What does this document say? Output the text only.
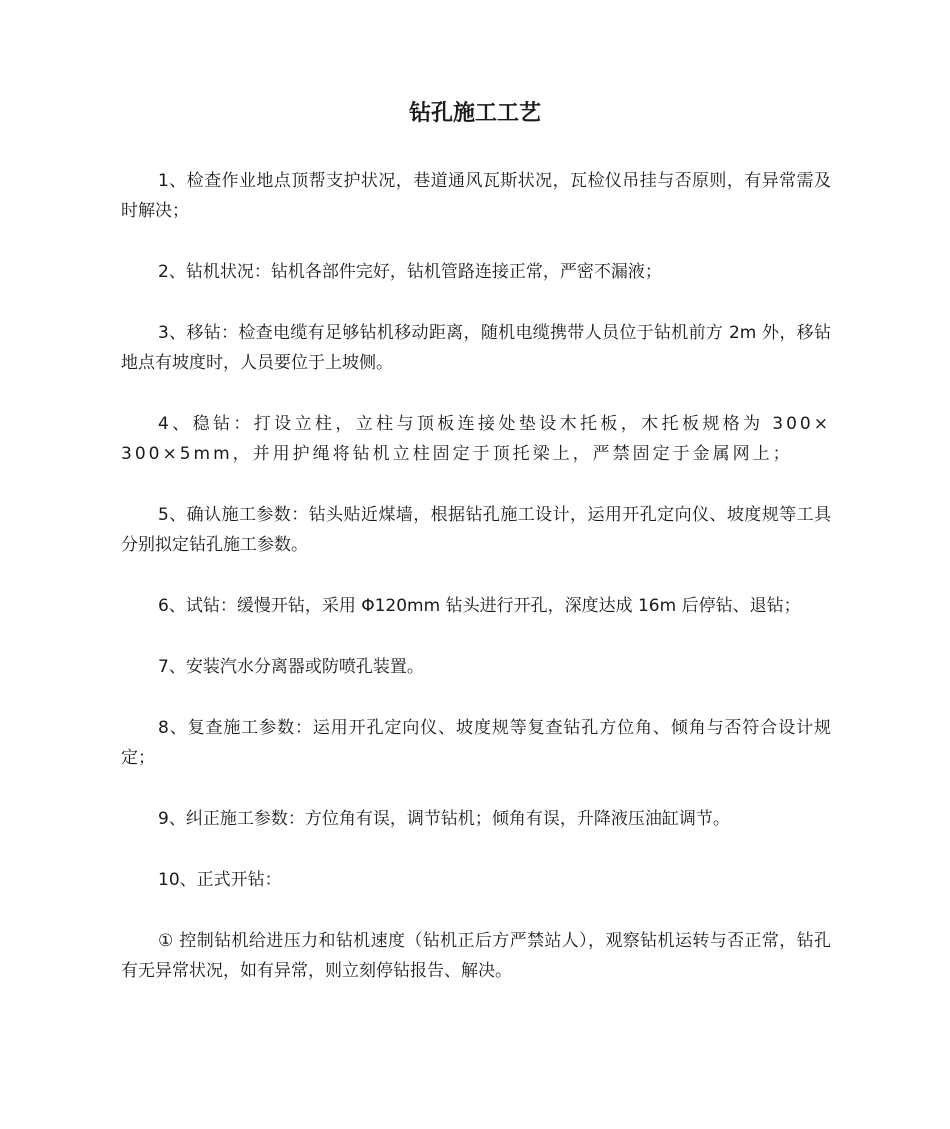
钻孔施工工艺

1、检查作业地点顶帮支护状况，巷道通风瓦斯状况，瓦检仪吊挂与否原则，有异常需及时解决；

2、钻机状况：钻机各部件完好，钻机管路连接正常，严密不漏液；

3、移钻：检查电缆有足够钻机移动距离，随机电缆携带人员位于钻机前方 2m 外，移钻地点有坡度时，人员要位于上坡侧。

4、稳钻：打设立柱，立柱与顶板连接处垫设木托板，木托板规格为 300×300×5mm，并用护绳将钻机立柱固定于顶托梁上，严禁固定于金属网上；

5、确认施工参数：钻头贴近煤墙，根据钻孔施工设计，运用开孔定向仪、坡度规等工具分别拟定钻孔施工参数。

6、试钻：缓慢开钻，采用 Φ120mm 钻头进行开孔，深度达成 16m 后停钻、退钻；

7、安装汽水分离器或防喷孔装置。

8、复查施工参数：运用开孔定向仪、坡度规等复查钻孔方位角、倾角与否符合设计规定；

9、纠正施工参数：方位角有误，调节钻机；倾角有误，升降液压油缸调节。

10、正式开钻：

① 控制钻机给进压力和钻机速度（钻机正后方严禁站人），观察钻机运转与否正常，钻孔有无异常状况，如有异常，则立刻停钻报告、解决。
